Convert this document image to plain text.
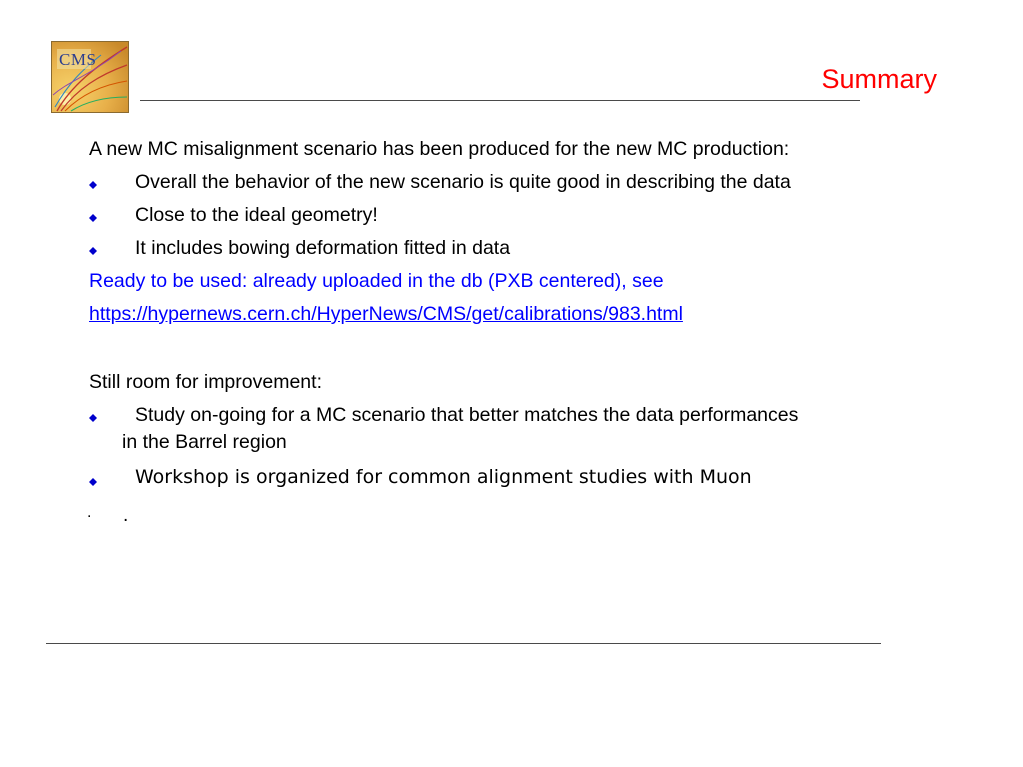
CMS
Summary
A new MC misalignment scenario has been produced for the new MC production:
Overall the behavior of the new scenario is quite good in describing the data
Close to the ideal geometry!
It includes bowing deformation fitted in data
Ready to be used: already uploaded in the db (PXB centered), see
https://hypernews.cern.ch/HyperNews/CMS/get/calibrations/983.html
Still room for improvement:
Study on-going for a MC scenario that better matches the data performances
in the Barrel region
Workshop is organized for common alignment studies with Muon
. .
